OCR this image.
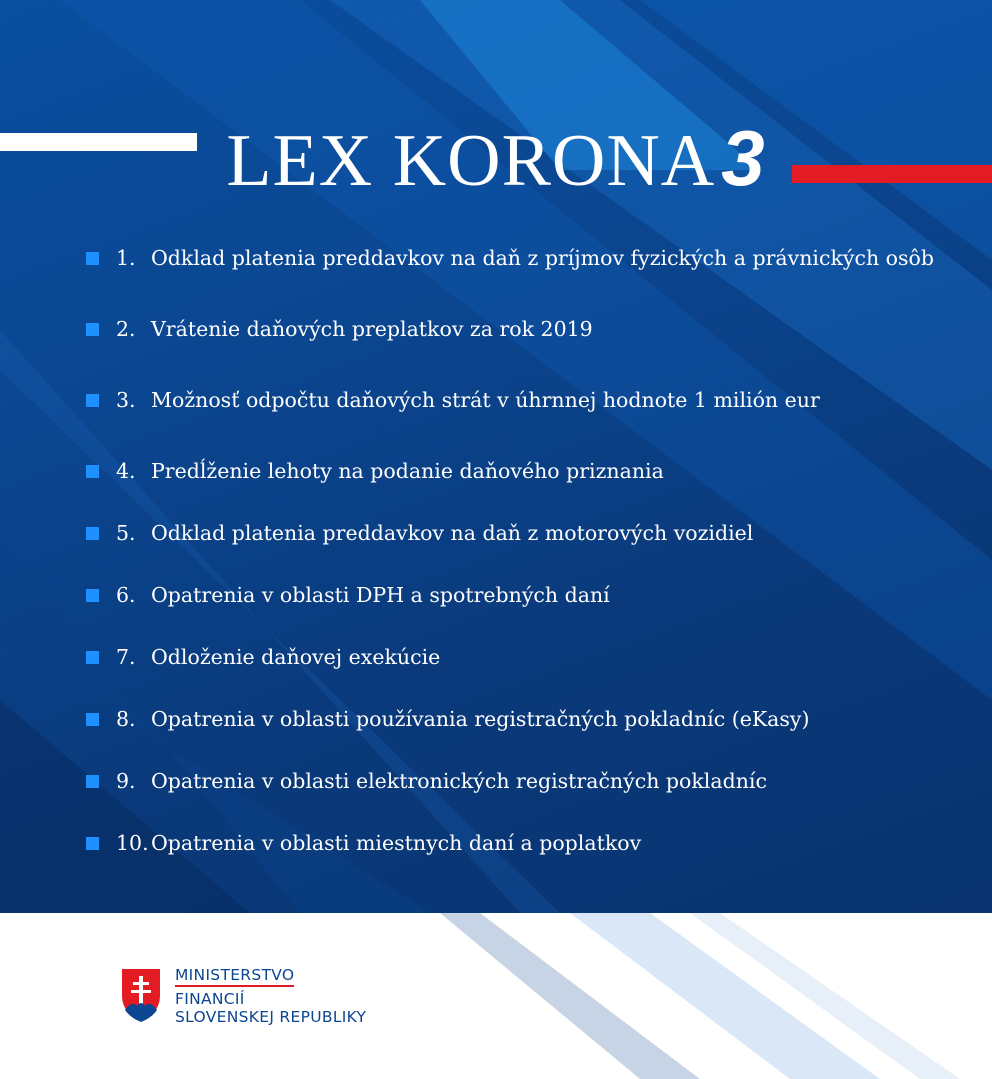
LEX KORONA3
1. Odklad platenia preddavkov na daň z príjmov fyzických a právnických osôb
2. Vrátenie daňových preplatkov za rok 2019
3. Možnosť odpočtu daňových strát v úhrnnej hodnote 1 milión eur
4. Predĺženie lehoty na podanie daňového priznania
5. Odklad platenia preddavkov na daň z motorových vozidiel
6. Opatrenia v oblasti DPH a spotrebných daní
7. Odloženie daňovej exekúcie
8. Opatrenia v oblasti používania registračných pokladníc (eKasy)
9. Opatrenia v oblasti elektronických registračných pokladníc
10. Opatrenia v oblasti miestnych daní a poplatkov
MINISTERSTVO
FINANCIÍ
SLOVENSKEJ REPUBLIKY
